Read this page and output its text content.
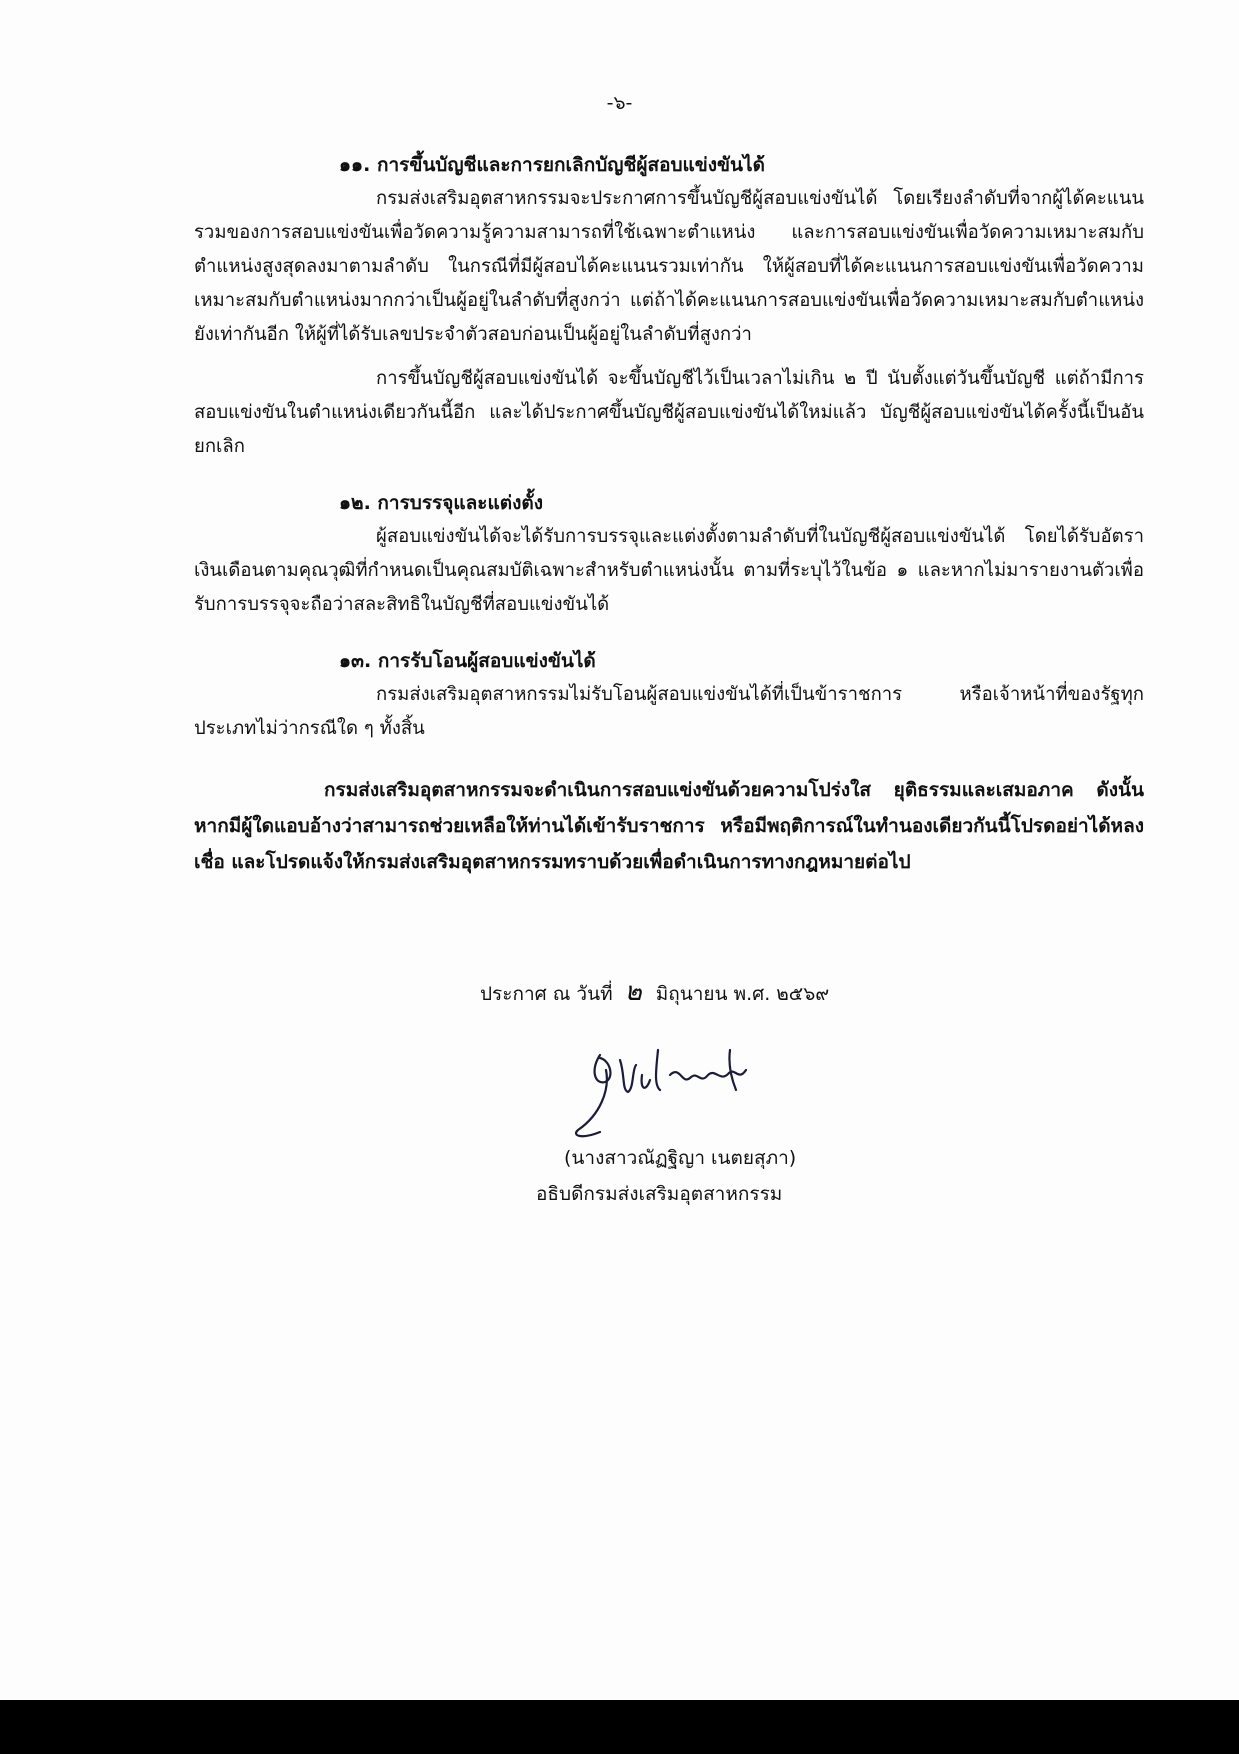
-๖-

๑๑. การขึ้นบัญชีและการยกเลิกบัญชีผู้สอบแข่งขันได้

กรมส่งเสริมอุตสาหกรรมจะประกาศการขึ้นบัญชีผู้สอบแข่งขันได้ โดยเรียงลำดับที่จากผู้ได้คะแนนรวมของการสอบแข่งขันเพื่อวัดความรู้ความสามารถที่ใช้เฉพาะตำแหน่ง และการสอบแข่งขันเพื่อวัดความเหมาะสมกับตำแหน่งสูงสุดลงมาตามลำดับ ในกรณีที่มีผู้สอบได้คะแนนรวมเท่ากัน ให้ผู้สอบที่ได้คะแนนการสอบแข่งขันเพื่อวัดความเหมาะสมกับตำแหน่งมากกว่าเป็นผู้อยู่ในลำดับที่สูงกว่า แต่ถ้าได้คะแนนการสอบแข่งขันเพื่อวัดความเหมาะสมกับตำแหน่งยังเท่ากันอีก ให้ผู้ที่ได้รับเลขประจำตัวสอบก่อนเป็นผู้อยู่ในลำดับที่สูงกว่า

การขึ้นบัญชีผู้สอบแข่งขันได้ จะขึ้นบัญชีไว้เป็นเวลาไม่เกิน ๒ ปี นับตั้งแต่วันขึ้นบัญชี แต่ถ้ามีการสอบแข่งขันในตำแหน่งเดียวกันนี้อีก และได้ประกาศขึ้นบัญชีผู้สอบแข่งขันได้ใหม่แล้ว บัญชีผู้สอบแข่งขันได้ครั้งนี้เป็นอันยกเลิก

๑๒. การบรรจุและแต่งตั้ง

ผู้สอบแข่งขันได้จะได้รับการบรรจุและแต่งตั้งตามลำดับที่ในบัญชีผู้สอบแข่งขันได้ โดยได้รับอัตราเงินเดือนตามคุณวุฒิที่กำหนดเป็นคุณสมบัติเฉพาะสำหรับตำแหน่งนั้น ตามที่ระบุไว้ในข้อ ๑ และหากไม่มารายงานตัวเพื่อรับการบรรจุจะถือว่าสละสิทธิในบัญชีที่สอบแข่งขันได้

๑๓. การรับโอนผู้สอบแข่งขันได้

กรมส่งเสริมอุตสาหกรรมไม่รับโอนผู้สอบแข่งขันได้ที่เป็นข้าราชการ หรือเจ้าหน้าที่ของรัฐทุกประเภทไม่ว่ากรณีใด ๆ ทั้งสิ้น

กรมส่งเสริมอุตสาหกรรมจะดำเนินการสอบแข่งขันด้วยความโปร่งใส ยุติธรรมและเสมอภาค ดังนั้น หากมีผู้ใดแอบอ้างว่าสามารถช่วยเหลือให้ท่านได้เข้ารับราชการ หรือมีพฤติการณ์ในทำนองเดียวกันนี้โปรดอย่าได้หลงเชื่อ และโปรดแจ้งให้กรมส่งเสริมอุตสาหกรรมทราบด้วยเพื่อดำเนินการทางกฎหมายต่อไป

ประกาศ ณ วันที่ ๒ มิถุนายน พ.ศ. ๒๕๖๙
(นางสาวณัฏฐิญา เนตยสุภา)
อธิบดีกรมส่งเสริมอุตสาหกรรม
